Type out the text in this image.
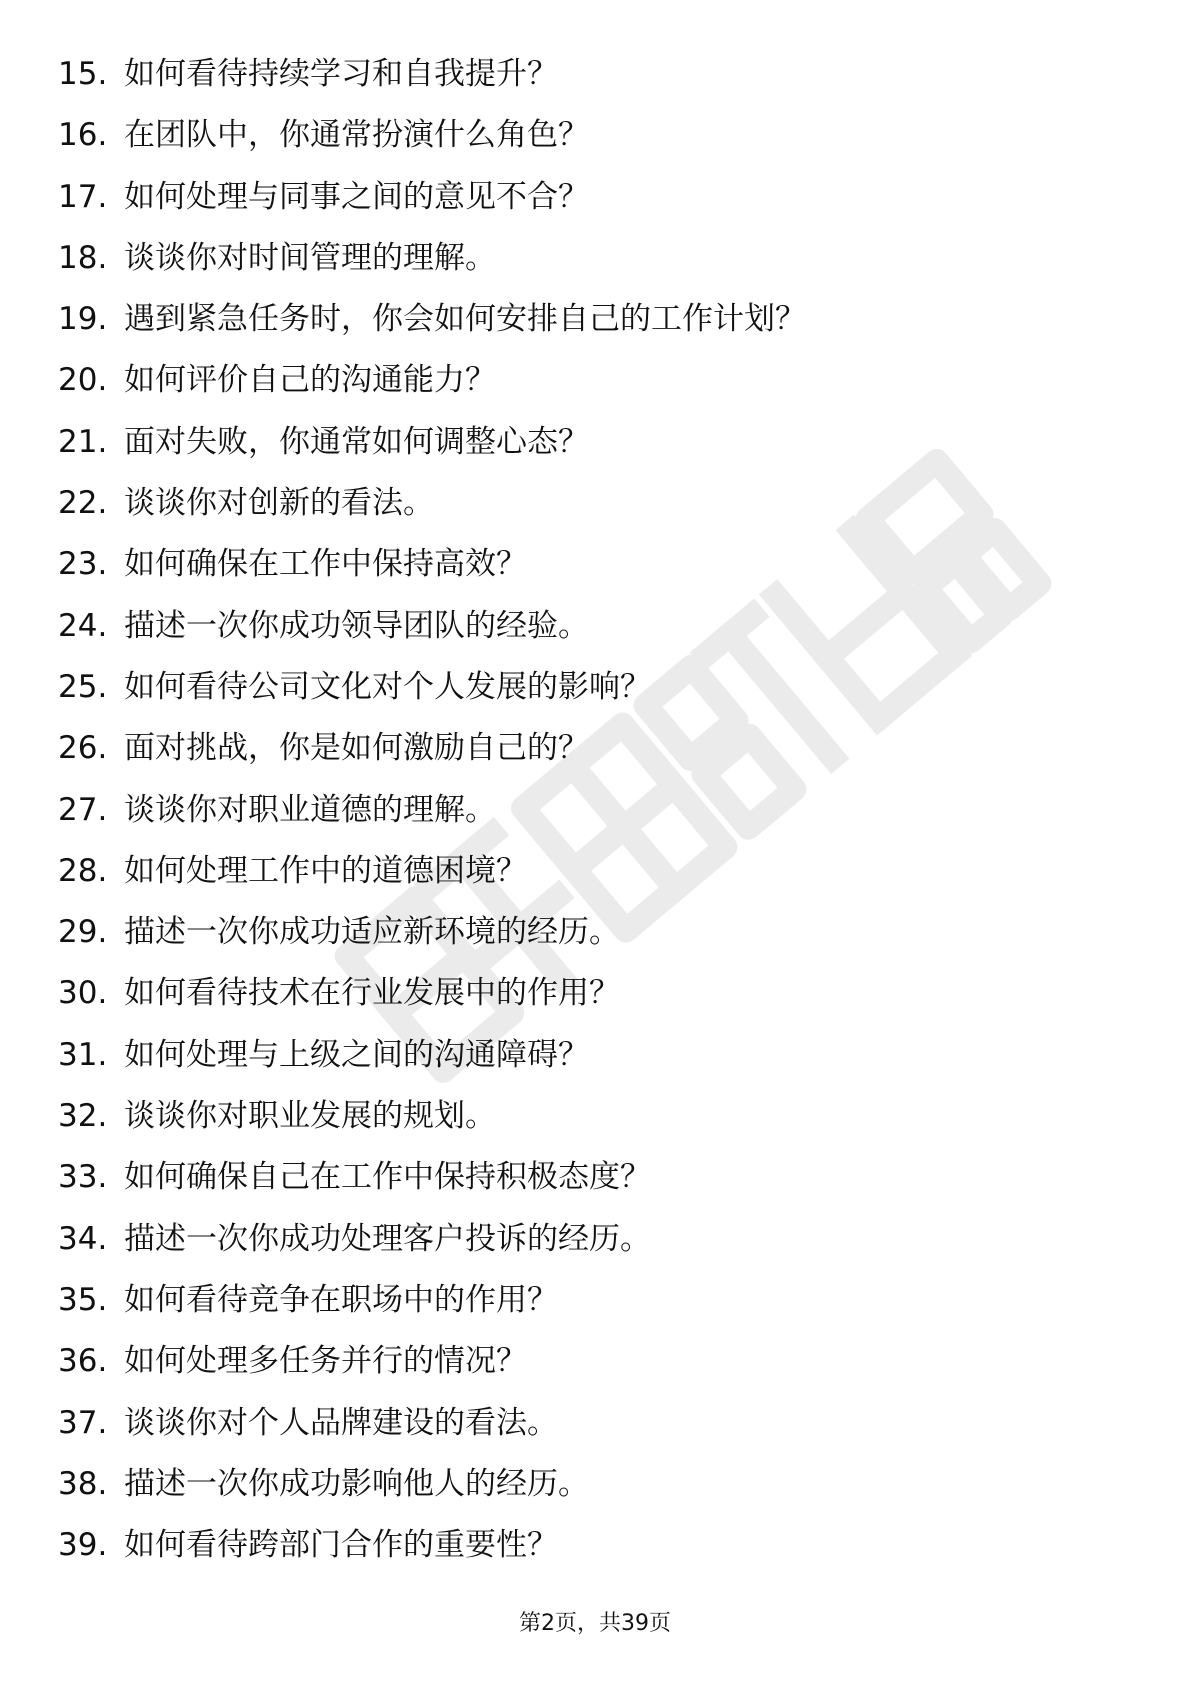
15. 如何看待持续学习和自我提升？
16. 在团队中，你通常扮演什么角色？
17. 如何处理与同事之间的意见不合？
18. 谈谈你对时间管理的理解。
19. 遇到紧急任务时，你会如何安排自己的工作计划？
20. 如何评价自己的沟通能力？
21. 面对失败，你通常如何调整心态？
22. 谈谈你对创新的看法。
23. 如何确保在工作中保持高效？
24. 描述一次你成功领导团队的经验。
25. 如何看待公司文化对个人发展的影响？
26. 面对挑战，你是如何激励自己的？
27. 谈谈你对职业道德的理解。
28. 如何处理工作中的道德困境？
29. 描述一次你成功适应新环境的经历。
30. 如何看待技术在行业发展中的作用？
31. 如何处理与上级之间的沟通障碍？
32. 谈谈你对职业发展的规划。
33. 如何确保自己在工作中保持积极态度？
34. 描述一次你成功处理客户投诉的经历。
35. 如何看待竞争在职场中的作用？
36. 如何处理多任务并行的情况？
37. 谈谈你对个人品牌建设的看法。
38. 描述一次你成功影响他人的经历。
39. 如何看待跨部门合作的重要性？
第2页，共39页
